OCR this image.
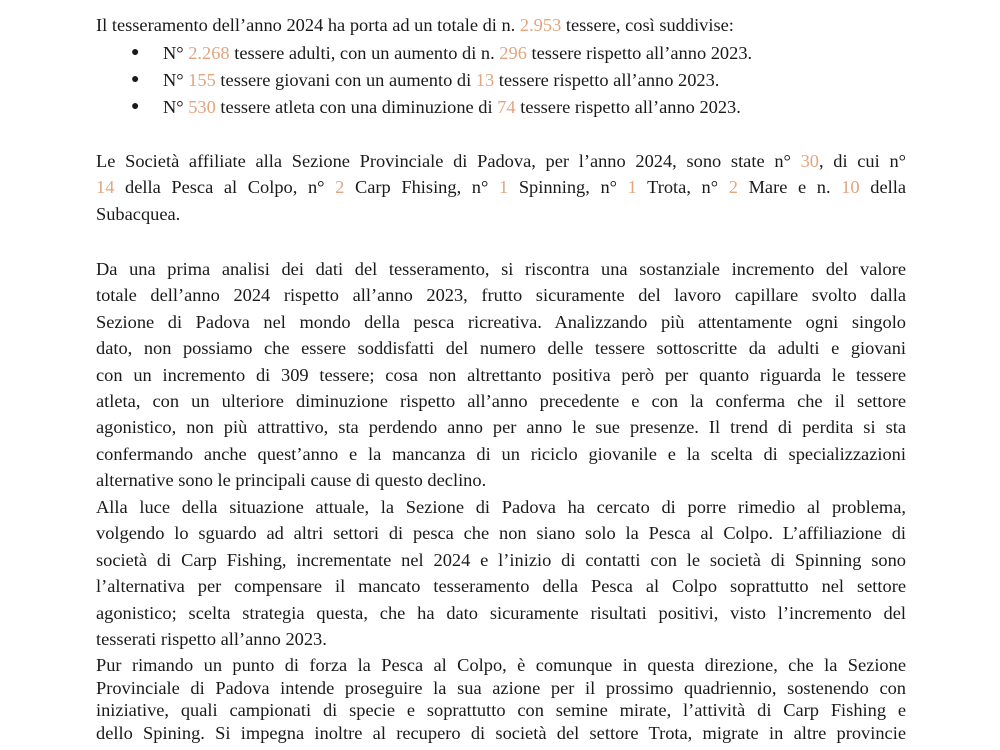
Il tesseramento dell’anno 2024 ha porta ad un totale di n. 2.953 tessere, così suddivise:
● N° 2.268 tessere adulti, con un aumento di n. 296 tessere rispetto all’anno 2023.
● N° 155 tessere giovani con un aumento di 13 tessere rispetto all’anno 2023.
● N° 530 tessere atleta con una diminuzione di 74 tessere rispetto all’anno 2023.
Le Società affiliate alla Sezione Provinciale di Padova, per l’anno 2024, sono state n° 30, di cui n°
14 della Pesca al Colpo, n° 2 Carp Fhising, n° 1 Spinning, n° 1 Trota, n° 2 Mare e n. 10 della
Subacquea.
Da una prima analisi dei dati del tesseramento, si riscontra una sostanziale incremento del valore
totale dell’anno 2024 rispetto all’anno 2023, frutto sicuramente del lavoro capillare svolto dalla
Sezione di Padova nel mondo della pesca ricreativa. Analizzando più attentamente ogni singolo
dato, non possiamo che essere soddisfatti del numero delle tessere sottoscritte da adulti e giovani
con un incremento di 309 tessere; cosa non altrettanto positiva però per quanto riguarda le tessere
atleta, con un ulteriore diminuzione rispetto all’anno precedente e con la conferma che il settore
agonistico, non più attrattivo, sta perdendo anno per anno le sue presenze. Il trend di perdita si sta
confermando anche quest’anno e la mancanza di un riciclo giovanile e la scelta di specializzazioni
alternative sono le principali cause di questo declino.
Alla luce della situazione attuale, la Sezione di Padova ha cercato di porre rimedio al problema,
volgendo lo sguardo ad altri settori di pesca che non siano solo la Pesca al Colpo. L’affiliazione di
società di Carp Fishing, incrementate nel 2024 e l’inizio di contatti con le società di Spinning sono
l’alternativa per compensare il mancato tesseramento della Pesca al Colpo soprattutto nel settore
agonistico; scelta strategia questa, che ha dato sicuramente risultati positivi, visto l’incremento del
tesserati rispetto all’anno 2023.
Pur rimando un punto di forza la Pesca al Colpo, è comunque in questa direzione, che la Sezione
Provinciale di Padova intende proseguire la sua azione per il prossimo quadriennio, sostenendo con
iniziative, quali campionati di specie e soprattutto con semine mirate, l’attività di Carp Fishing e
dello Spining. Si impegna inoltre al recupero di società del settore Trota, migrate in altre provincie
